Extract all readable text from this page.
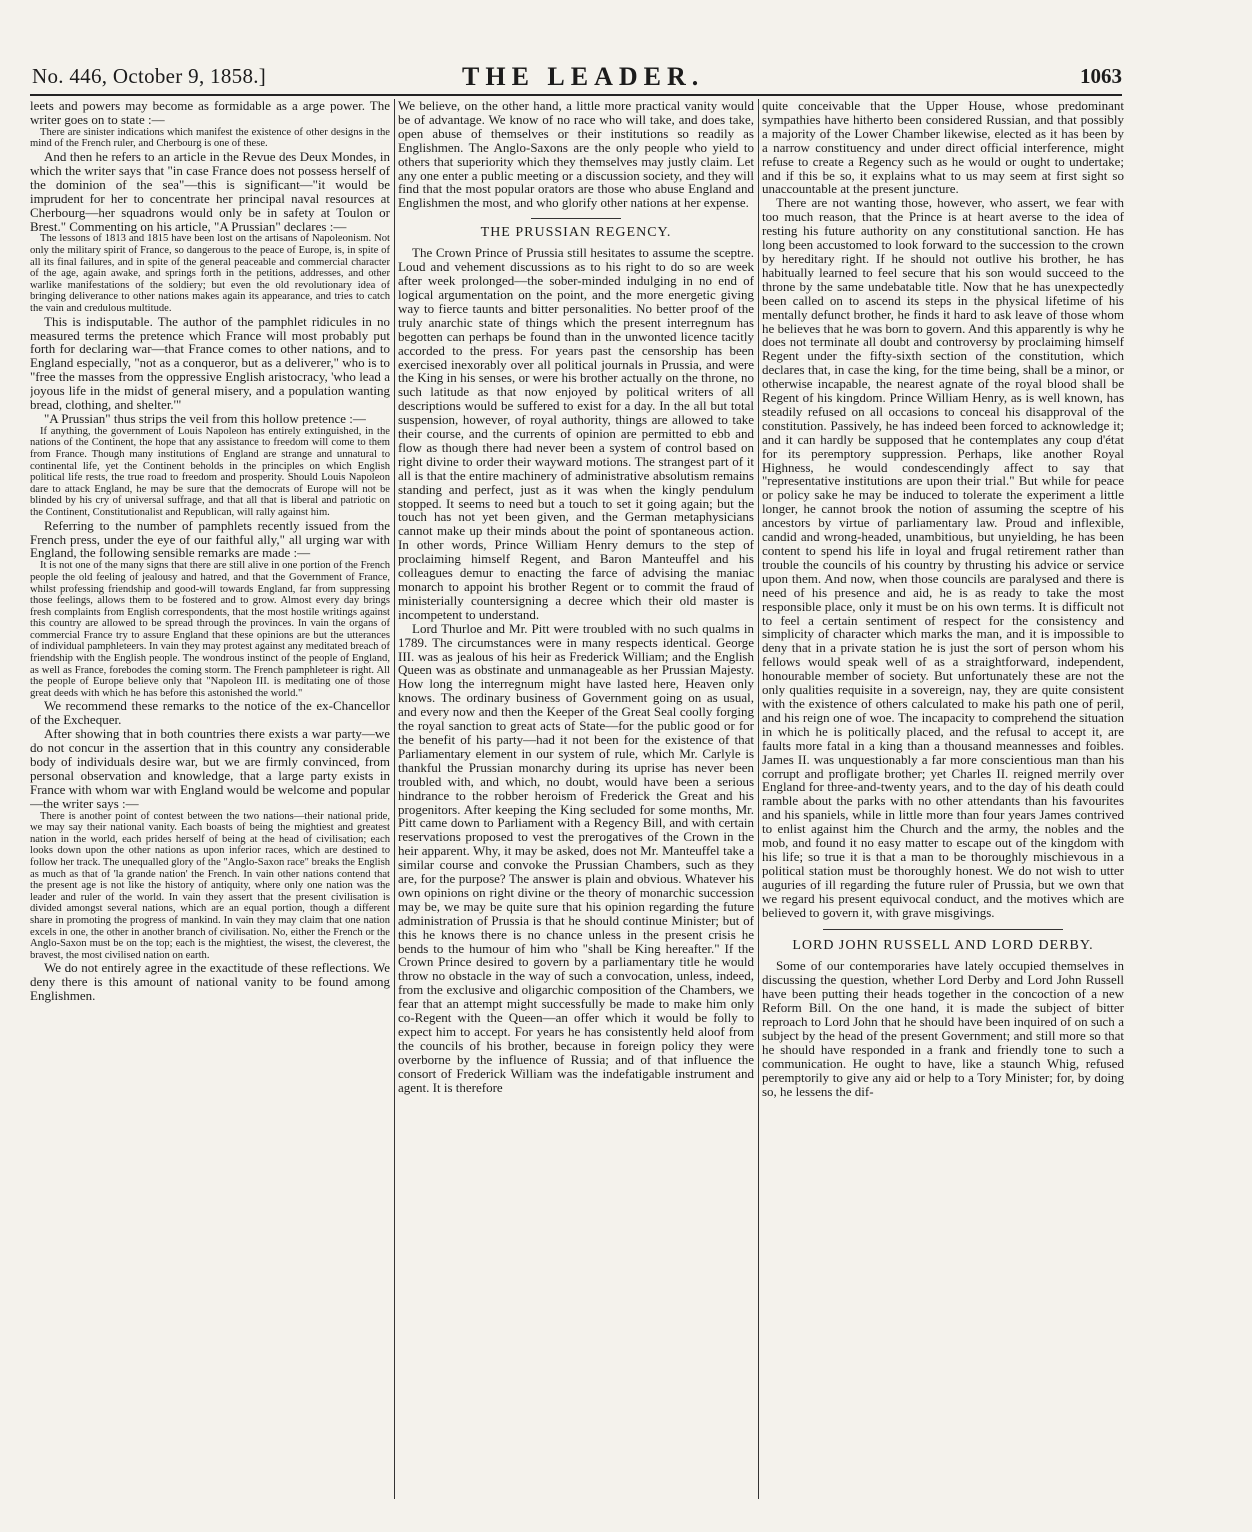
No. 446, October 9, 1858.]	THE LEADER.	1063

leets and powers may become as formidable as a arge power. The writer goes on to state :—

There are sinister indications which manifest the existence of other designs in the mind of the French ruler, and Cherbourg is one of these.

And then he refers to an article in the Revue des Deux Mondes, in which the writer says that "in case France does not possess herself of the dominion of the sea"—this is significant—"it would be imprudent for her to concentrate her principal naval resources at Cherbourg—her squadrons would only be in safety at Toulon or Brest." Commenting on his article, "A Prussian" declares :—

The lessons of 1813 and 1815 have been lost on the artisans of Napoleonism. Not only the military spirit of France, so dangerous to the peace of Europe, is, in spite of all its final failures, and in spite of the general peaceable and commercial character of the age, again awake, and springs forth in the petitions, addresses, and other warlike manifestations of the soldiery; but even the old revolutionary idea of bringing deliverance to other nations makes again its appearance, and tries to catch the vain and credulous multitude.

This is indisputable. The author of the pamphlet ridicules in no measured terms the pretence which France will most probably put forth for declaring war—that France comes to other nations, and to England especially, "not as a conqueror, but as a deliverer," who is to "free the masses from the oppressive English aristocracy, 'who lead a joyous life in the midst of general misery, and a population wanting bread, clothing, and shelter.'"

"A Prussian" thus strips the veil from this hollow pretence :—

If anything, the government of Louis Napoleon has entirely extinguished, in the nations of the Continent, the hope that any assistance to freedom will come to them from France. Though many institutions of England are strange and unnatural to continental life, yet the Continent beholds in the principles on which English political life rests, the true road to freedom and prosperity. Should Louis Napoleon dare to attack England, he may be sure that the democrats of Europe will not be blinded by his cry of universal suffrage, and that all that is liberal and patriotic on the Continent, Constitutionalist and Republican, will rally against him.

Referring to the number of pamphlets recently issued from the French press, under the eye of our faithful ally," all urging war with England, the following sensible remarks are made :—

It is not one of the many signs that there are still alive in one portion of the French people the old feeling of jealousy and hatred, and that the Government of France, whilst professing friendship and good-will towards England, far from suppressing those feelings, allows them to be fostered and to grow. Almost every day brings fresh complaints from English correspondents, that the most hostile writings against this country are allowed to be spread through the provinces. In vain the organs of commercial France try to assure England that these opinions are but the utterances of individual pamphleteers. In vain they may protest against any meditated breach of friendship with the English people. The wondrous instinct of the people of England, as well as France, forebodes the coming storm. The French pamphleteer is right. All the people of Europe believe only that "Napoleon III. is meditating one of those great deeds with which he has before this astonished the world."

We recommend these remarks to the notice of the ex-Chancellor of the Exchequer.

After showing that in both countries there exists a war party—we do not concur in the assertion that in this country any considerable body of individuals desire war, but we are firmly convinced, from personal observation and knowledge, that a large party exists in France with whom war with England would be welcome and popular—the writer says :—

There is another point of contest between the two nations—their national pride, we may say their national vanity. Each boasts of being the mightiest and greatest nation in the world, each prides herself of being at the head of civilisation; each looks down upon the other nations as upon inferior races, which are destined to follow her track. The unequalled glory of the "Anglo-Saxon race" breaks the English as much as that of 'la grande nation' the French. In vain other nations contend that the present age is not like the history of antiquity, where only one nation was the leader and ruler of the world. In vain they assert that the present civilisation is divided amongst several nations, which are an equal portion, though a different share in promoting the progress of mankind. In vain they may claim that one nation excels in one, the other in another branch of civilisation. No, either the French or the Anglo-Saxon must be on the top; each is the mightiest, the wisest, the cleverest, the bravest, the most civilised nation on earth.

We do not entirely agree in the exactitude of these reflections. We deny there is this amount of national vanity to be found among Englishmen.

We believe, on the other hand, a little more practical vanity would be of advantage. We know of no race who will take, and does take, open abuse of themselves or their institutions so readily as Englishmen. The Anglo-Saxons are the only people who yield to others that superiority which they themselves may justly claim. Let any one enter a public meeting or a discussion society, and they will find that the most popular orators are those who abuse England and Englishmen the most, and who glorify other nations at her expense.

THE PRUSSIAN REGENCY.

The Crown Prince of Prussia still hesitates to assume the sceptre. Loud and vehement discussions as to his right to do so are week after week prolonged—the sober-minded indulging in no end of logical argumentation on the point, and the more energetic giving way to fierce taunts and bitter personalities. No better proof of the truly anarchic state of things which the present interregnum has begotten can perhaps be found than in the unwonted licence tacitly accorded to the press. For years past the censorship has been exercised inexorably over all political journals in Prussia, and were the King in his senses, or were his brother actually on the throne, no such latitude as that now enjoyed by political writers of all descriptions would be suffered to exist for a day. In the all but total suspension, however, of royal authority, things are allowed to take their course, and the currents of opinion are permitted to ebb and flow as though there had never been a system of control based on right divine to order their wayward motions. The strangest part of it all is that the entire machinery of administrative absolutism remains standing and perfect, just as it was when the kingly pendulum stopped. It seems to need but a touch to set it going again; but the touch has not yet been given, and the German metaphysicians cannot make up their minds about the point of spontaneous action. In other words, Prince William Henry demurs to the step of proclaiming himself Regent, and Baron Manteuffel and his colleagues demur to enacting the farce of advising the maniac monarch to appoint his brother Regent or to commit the fraud of ministerially countersigning a decree which their old master is incompetent to understand.

Lord Thurloe and Mr. Pitt were troubled with no such qualms in 1789. The circumstances were in many respects identical. George III. was as jealous of his heir as Frederick William; and the English Queen was as obstinate and unmanageable as her Prussian Majesty. How long the interregnum might have lasted here, Heaven only knows. The ordinary business of Government going on as usual, and every now and then the Keeper of the Great Seal coolly forging the royal sanction to great acts of State—for the public good or for the benefit of his party—had it not been for the existence of that Parliamentary element in our system of rule, which Mr. Carlyle is thankful the Prussian monarchy during its uprise has never been troubled with, and which, no doubt, would have been a serious hindrance to the robber heroism of Frederick the Great and his progenitors. After keeping the King secluded for some months, Mr. Pitt came down to Parliament with a Regency Bill, and with certain reservations proposed to vest the prerogatives of the Crown in the heir apparent. Why, it may be asked, does not Mr. Manteuffel take a similar course and convoke the Prussian Chambers, such as they are, for the purpose? The answer is plain and obvious. Whatever his own opinions on right divine or the theory of monarchic succession may be, we may be quite sure that his opinion regarding the future administration of Prussia is that he should continue Minister; but of this he knows there is no chance unless in the present crisis he bends to the humour of him who "shall be King hereafter." If the Crown Prince desired to govern by a parliamentary title he would throw no obstacle in the way of such a convocation, unless, indeed, from the exclusive and oligarchic composition of the Chambers, we fear that an attempt might successfully be made to make him only co-Regent with the Queen—an offer which it would be folly to expect him to accept. For years he has consistently held aloof from the councils of his brother, because in foreign policy they were overborne by the influence of Russia; and of that influence the consort of Frederick William was the indefatigable instrument and agent. It is therefore

quite conceivable that the Upper House, whose predominant sympathies have hitherto been considered Russian, and that possibly a majority of the Lower Chamber likewise, elected as it has been by a narrow constituency and under direct official interference, might refuse to create a Regency such as he would or ought to undertake; and if this be so, it explains what to us may seem at first sight so unaccountable at the present juncture.

There are not wanting those, however, who assert, we fear with too much reason, that the Prince is at heart averse to the idea of resting his future authority on any constitutional sanction. He has long been accustomed to look forward to the succession to the crown by hereditary right. If he should not outlive his brother, he has habitually learned to feel secure that his son would succeed to the throne by the same undebatable title. Now that he has unexpectedly been called on to ascend its steps in the physical lifetime of his mentally defunct brother, he finds it hard to ask leave of those whom he believes that he was born to govern. And this apparently is why he does not terminate all doubt and controversy by proclaiming himself Regent under the fifty-sixth section of the constitution, which declares that, in case the king, for the time being, shall be a minor, or otherwise incapable, the nearest agnate of the royal blood shall be Regent of his kingdom. Prince William Henry, as is well known, has steadily refused on all occasions to conceal his disapproval of the constitution. Passively, he has indeed been forced to acknowledge it; and it can hardly be supposed that he contemplates any coup d'état for its peremptory suppression. Perhaps, like another Royal Highness, he would condescendingly affect to say that "representative institutions are upon their trial." But while for peace or policy sake he may be induced to tolerate the experiment a little longer, he cannot brook the notion of assuming the sceptre of his ancestors by virtue of parliamentary law. Proud and inflexible, candid and wrong-headed, unambitious, but unyielding, he has been content to spend his life in loyal and frugal retirement rather than trouble the councils of his country by thrusting his advice or service upon them. And now, when those councils are paralysed and there is need of his presence and aid, he is as ready to take the most responsible place, only it must be on his own terms. It is difficult not to feel a certain sentiment of respect for the consistency and simplicity of character which marks the man, and it is impossible to deny that in a private station he is just the sort of person whom his fellows would speak well of as a straightforward, independent, honourable member of society. But unfortunately these are not the only qualities requisite in a sovereign, nay, they are quite consistent with the existence of others calculated to make his path one of peril, and his reign one of woe. The incapacity to comprehend the situation in which he is politically placed, and the refusal to accept it, are faults more fatal in a king than a thousand meannesses and foibles. James II. was unquestionably a far more conscientious man than his corrupt and profligate brother; yet Charles II. reigned merrily over England for three-and-twenty years, and to the day of his death could ramble about the parks with no other attendants than his favourites and his spaniels, while in little more than four years James contrived to enlist against him the Church and the army, the nobles and the mob, and found it no easy matter to escape out of the kingdom with his life; so true it is that a man to be thoroughly mischievous in a political station must be thoroughly honest. We do not wish to utter auguries of ill regarding the future ruler of Prussia, but we own that we regard his present equivocal conduct, and the motives which are believed to govern it, with grave misgivings.

LORD JOHN RUSSELL AND LORD DERBY.

Some of our contemporaries have lately occupied themselves in discussing the question, whether Lord Derby and Lord John Russell have been putting their heads together in the concoction of a new Reform Bill. On the one hand, it is made the subject of bitter reproach to Lord John that he should have been inquired of on such a subject by the head of the present Government; and still more so that he should have responded in a frank and friendly tone to such a communication. He ought to have, like a staunch Whig, refused peremptorily to give any aid or help to a Tory Minister; for, by doing so, he lessens the dif-
